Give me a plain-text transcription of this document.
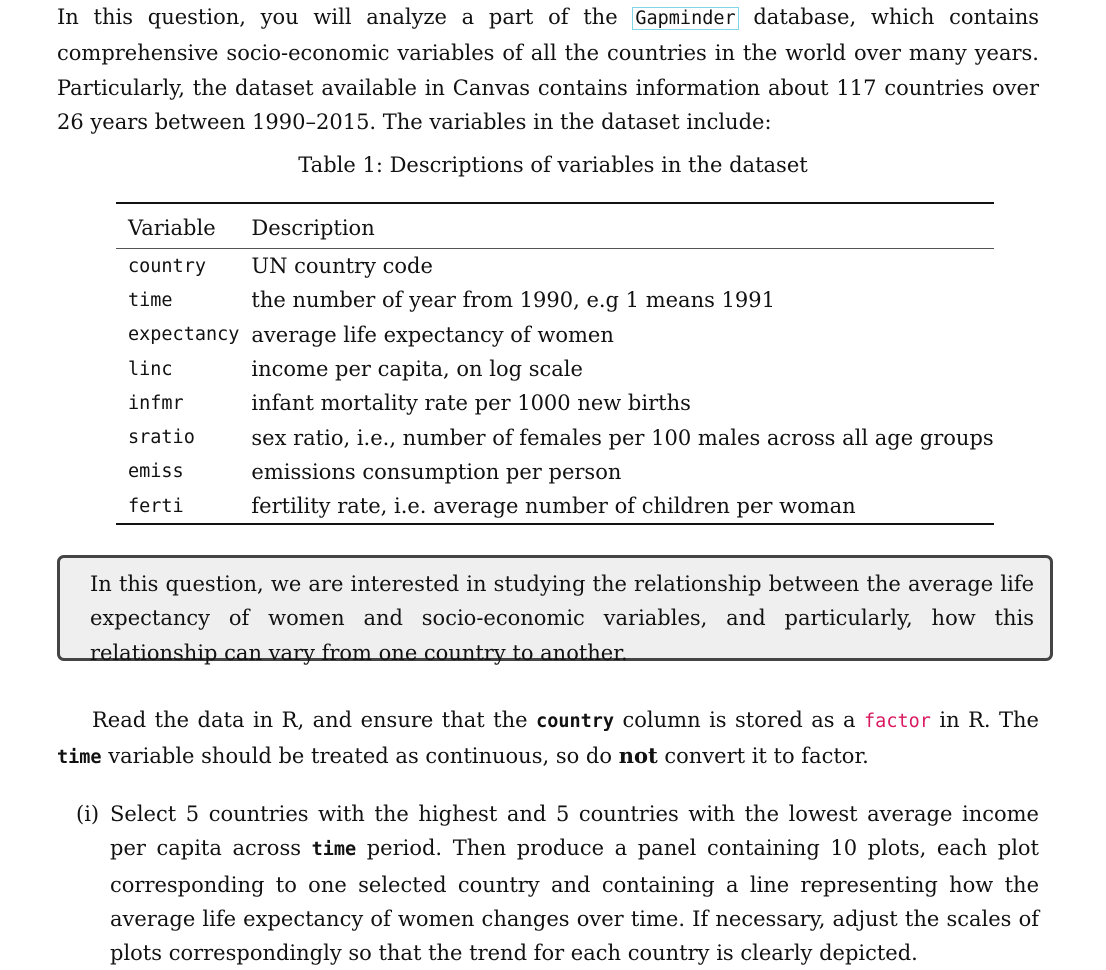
In this question, you will analyze a part of the Gapminder database, which contains comprehensive socio-economic variables of all the countries in the world over many years. Particularly, the dataset available in Canvas contains information about 117 countries over 26 years between 1990–2015. The variables in the dataset include:

Table 1: Descriptions of variables in the dataset
Variable	Description
country	UN country code
time	the number of year from 1990, e.g 1 means 1991
expectancy	average life expectancy of women
linc	income per capita, on log scale
infmr	infant mortality rate per 1000 new births
sratio	sex ratio, i.e., number of females per 100 males across all age groups
emiss	emissions consumption per person
ferti	fertility rate, i.e. average number of children per woman
In this question, we are interested in studying the relationship between the average life expectancy of women and socio-economic variables, and particularly, how this relationship can vary from one country to another.

Read the data in R, and ensure that the country column is stored as a factor in R. The time variable should be treated as continuous, so do not convert it to factor.

(i) Select 5 countries with the highest and 5 countries with the lowest average income per capita across time period. Then produce a panel containing 10 plots, each plot corresponding to one selected country and containing a line representing how the average life expectancy of women changes over time. If necessary, adjust the scales of plots correspondingly so that the trend for each country is clearly depicted.
